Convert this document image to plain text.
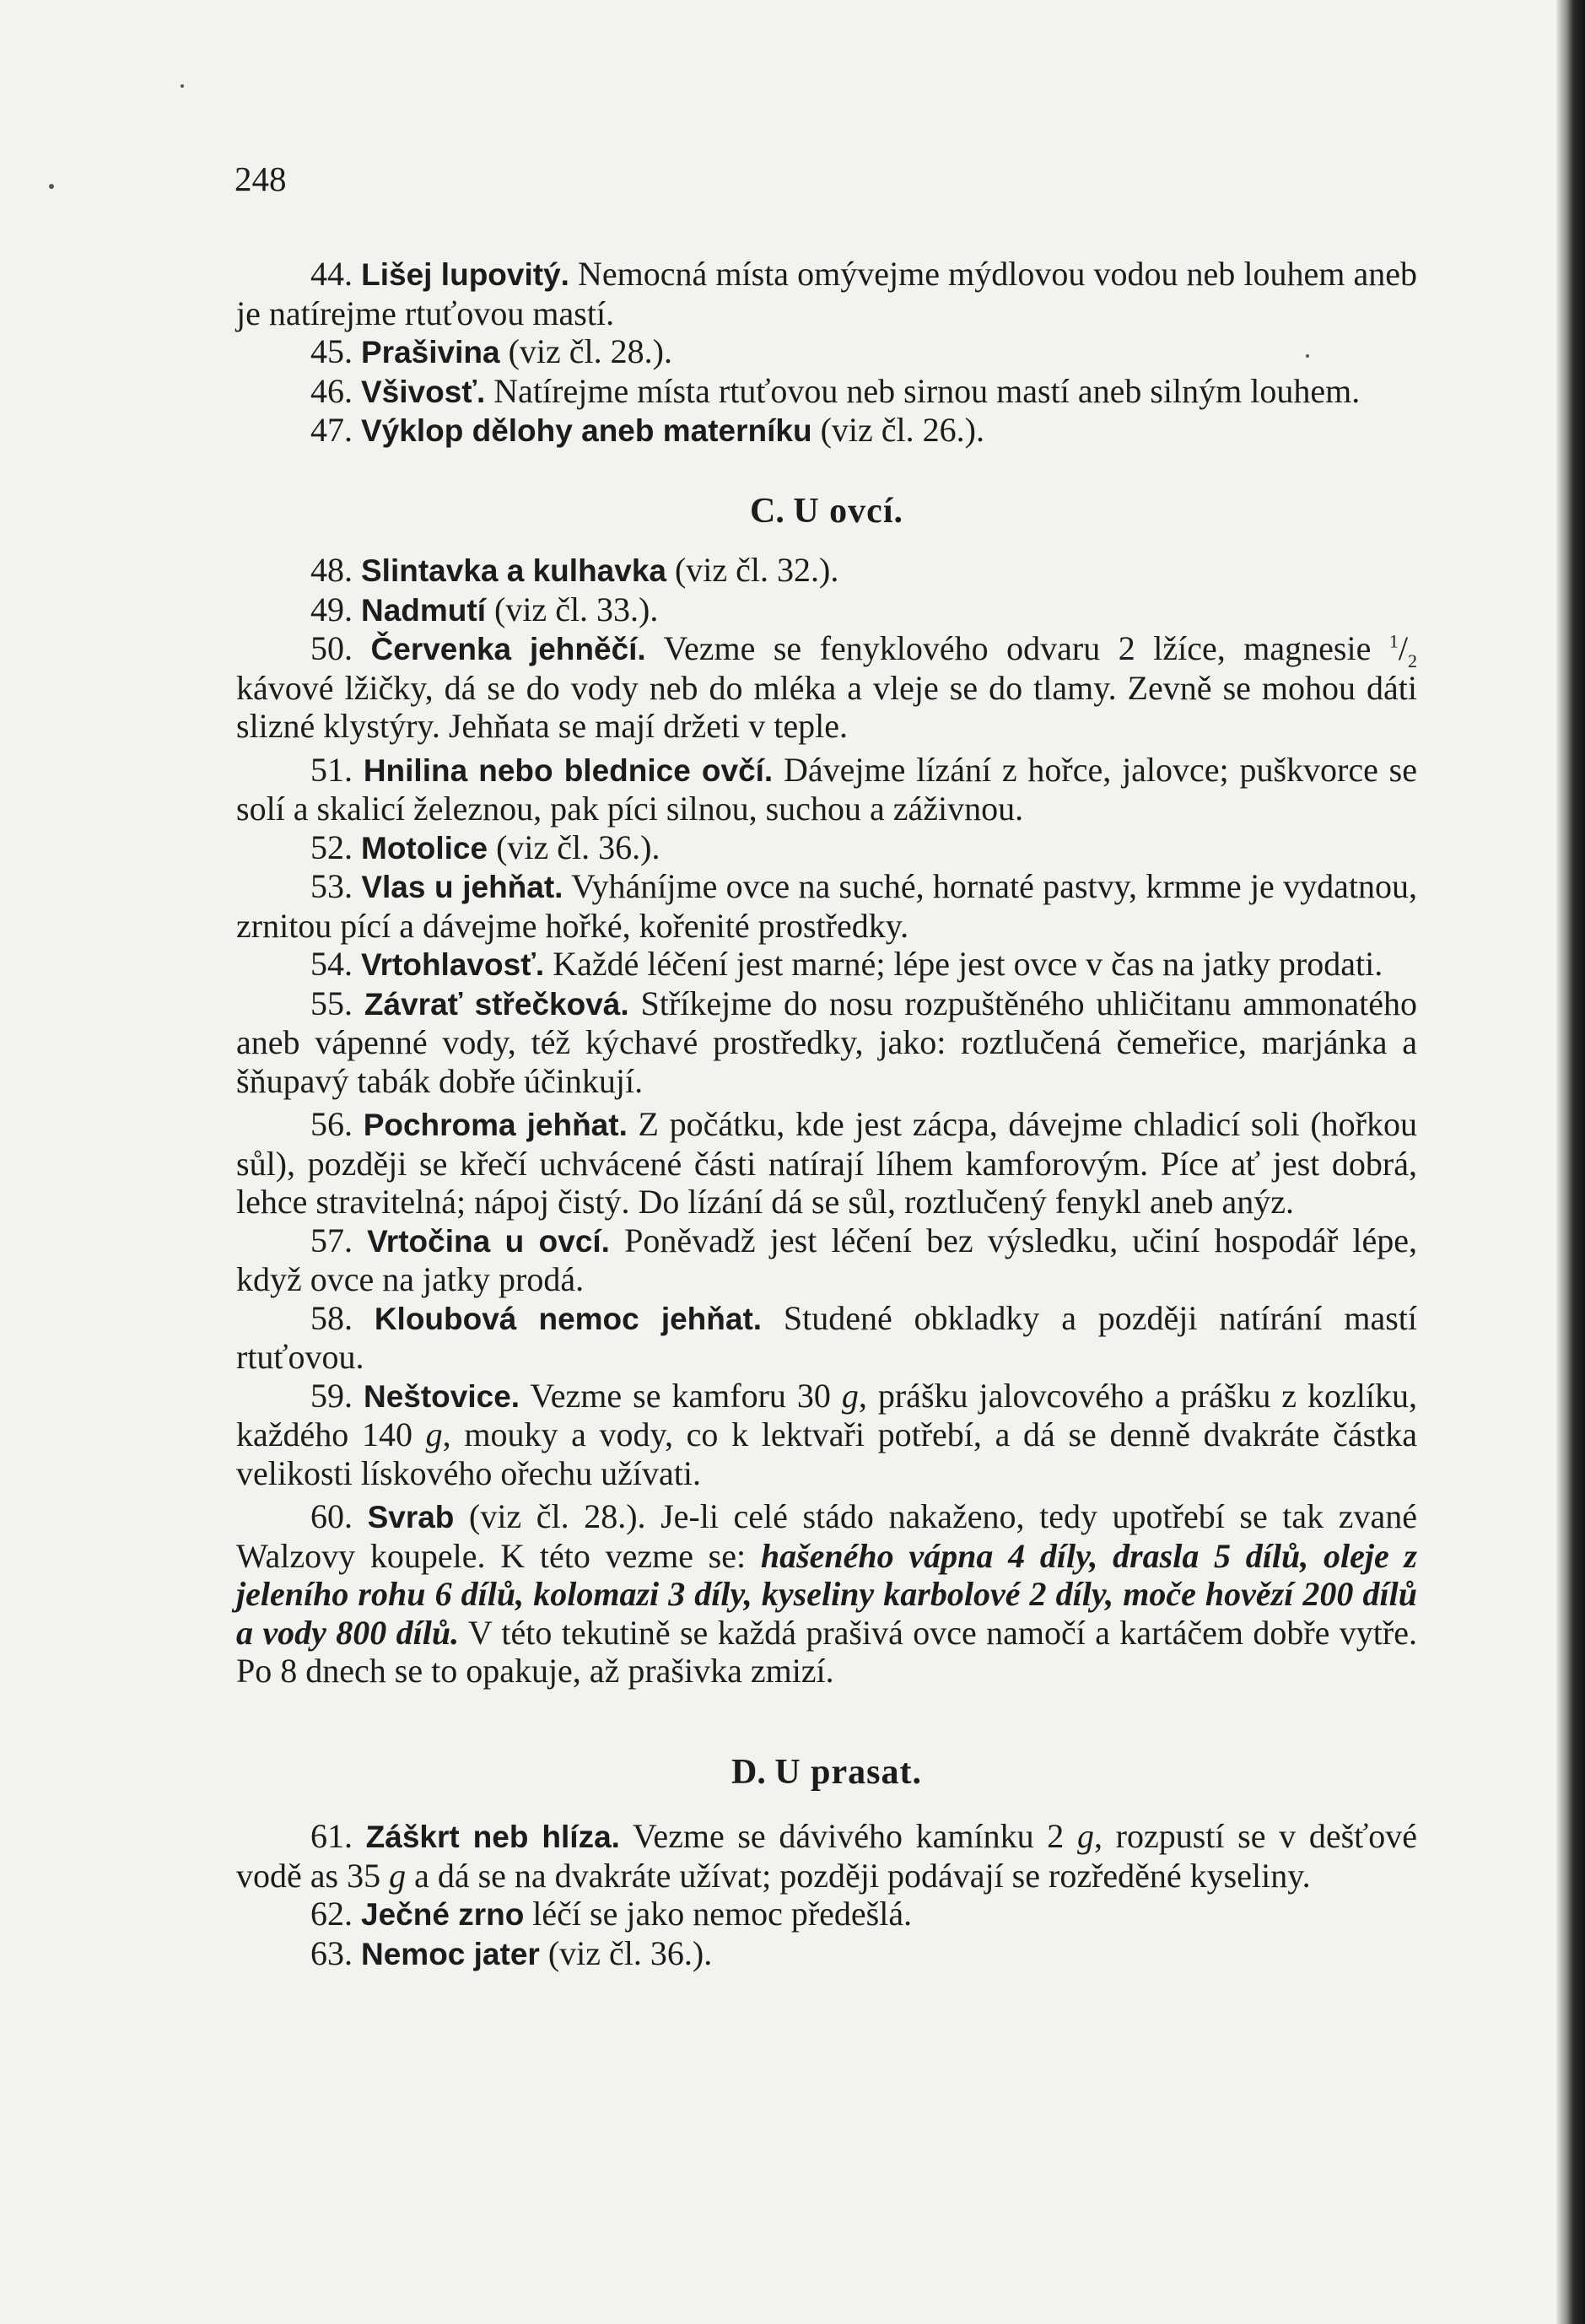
248

44. Lišej lupovitý. Nemocná místa omývejme mýdlovou vodou neb louhem aneb je natírejme rtuťovou mastí.

45. Prašivina (viz čl. 28.).

46. Všivosť. Natírejme místa rtuťovou neb sirnou mastí aneb silným louhem.

47. Výklop dělohy aneb materníku (viz čl. 26.).

C. U ovcí.

48. Slintavka a kulhavka (viz čl. 32.).

49. Nadmutí (viz čl. 33.).

50. Červenka jehněčí. Vezme se fenyklového odvaru 2 lžíce, magnesie $^1/_2$ kávové lžičky, dá se do vody neb do mléka a vleje se do tlamy. Zevně se mohou dáti slizné klystýry. Jehňata se mají držeti v teple.

51. Hnilina nebo blednice ovčí. Dávejme lízání z hořce, jalovce; puškvorce se solí a skalicí železnou, pak píci silnou, suchou a záživnou.

52. Motolice (viz čl. 36.).

53. Vlas u jehňat. Vyháníjme ovce na suché, hornaté pastvy, krmme je vydatnou, zrnitou pící a dávejme hořké, kořenité prostředky.

54. Vrtohlavosť. Každé léčení jest marné; lépe jest ovce v čas na jatky prodati.

55. Závrať střečková. Stříkejme do nosu rozpuštěného uhličitanu ammonatého aneb vápenné vody, též kýchavé prostředky, jako: roztlučená čemeřice, marjánka a šňupavý tabák dobře účinkují.

56. Pochroma jehňat. Z počátku, kde jest zácpa, dávejme chladicí soli (hořkou sůl), později se křečí uchvácené části natírají líhem kamforovým. Píce ať jest dobrá, lehce stravitelná; nápoj čistý. Do lízání dá se sůl, roztlučený fenykl aneb anýz.

57. Vrtočina u ovcí. Poněvadž jest léčení bez výsledku, učiní hospodář lépe, když ovce na jatky prodá.

58. Kloubová nemoc jehňat. Studené obkladky a později natírání mastí rtuťovou.

59. Neštovice. Vezme se kamforu 30 g, prášku jalovcového a prášku z kozlíku, každého 140 g, mouky a vody, co k lektvaři potřebí, a dá se denně dvakráte částka velikosti lískového ořechu užívati.

60. Svrab (viz čl. 28.). Je-li celé stádo nakaženo, tedy upotřebí se tak zvané Walzovy koupele. K této vezme se: hašeného vápna 4 díly, drasla 5 dílů, oleje z jeleního rohu 6 dílů, kolomazi 3 díly, kyseliny karbolové 2 díly, moče hovězí 200 dílů a vody 800 dílů. V této tekutině se každá prašivá ovce namočí a kartáčem dobře vytře. Po 8 dnech se to opakuje, až prašivka zmizí.

D. U prasat.

61. Záškrt neb hlíza. Vezme se dávivého kamínku 2 g, rozpustí se v dešťové vodě as 35 g a dá se na dvakráte užívat; později podávají se rozředěné kyseliny.

62. Ječné zrno léčí se jako nemoc předešlá.

63. Nemoc jater (viz čl. 36.).
